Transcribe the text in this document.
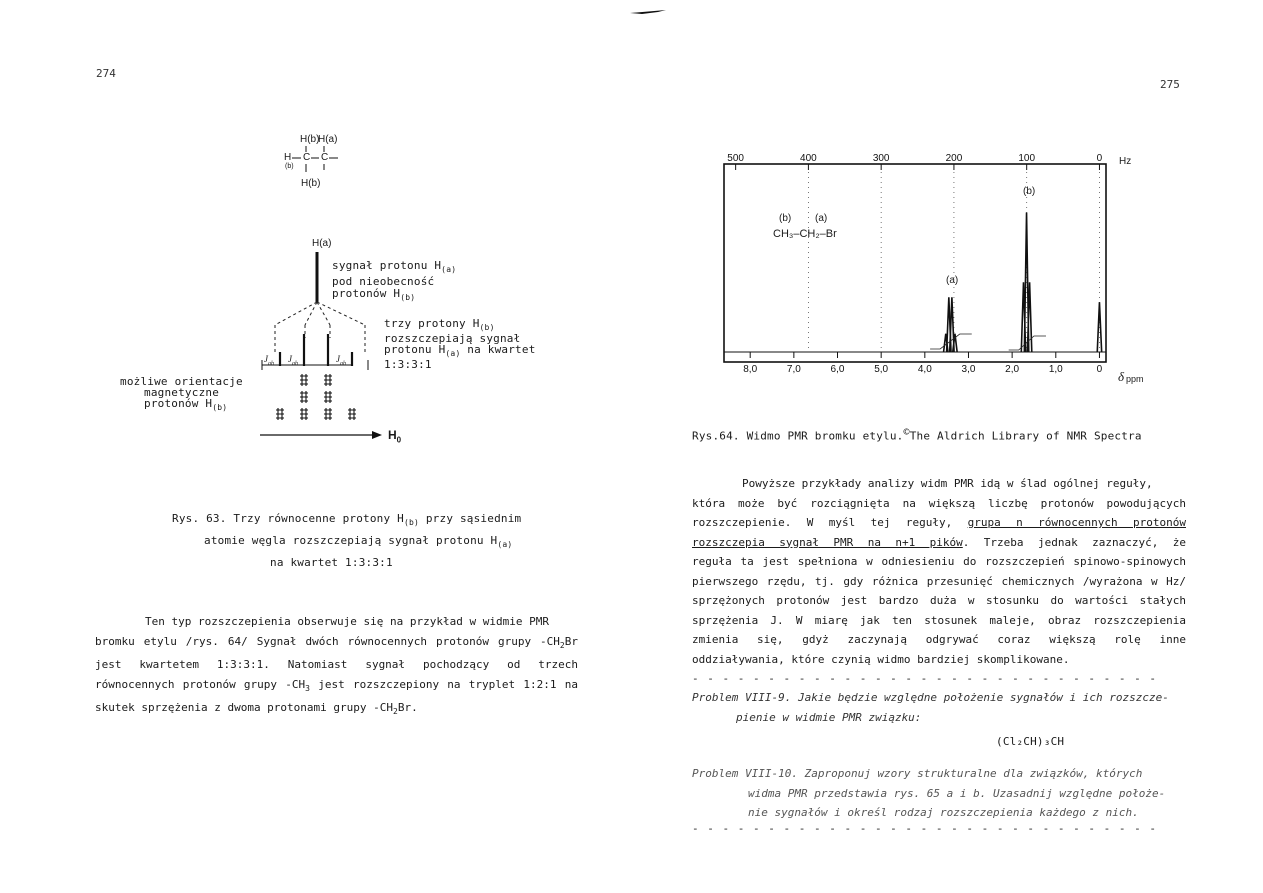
274
H(b)
H(a)
H
(b)
C C
H(b)
H(a)
sygnał protonu $H_{(a)}$
pod nieobecność
protonów $H_{(b)}$
trzy protony $H_{(b)}$
rozszczepiają sygnał
protonu $H_{(a)}$ na kwartet
1:3:3:1
$J_{ab}$ $J_{ab}$	$J_{ab}$
możliwe orientacje
magnetyczne
protonów $H_{(b)}$
$H_0$
Rys. 63. Trzy równocenne protony $H_{(b)}$ przy sąsiednim
atomie węgla rozszczepiają sygnał protonu $H_{(a)}$
na kwartet 1:3:3:1

Ten typ rozszczepienia obserwuje się na przykład w widmie PMR

bromku etylu /rys. 64/ Sygnał dwóch równocennych protonów grupy $-CH_2Br$

jest kwartetem 1:3:3:1. Natomiast sygnał pochodzący od trzech

równocennych protonów grupy $-CH_3$ jest rozszczepiony na tryplet 1:2:1 na

skutek sprzężenia z dwoma protonami grupy $-CH_2Br$.

275
500	400	300	200	100	0
8,0	7,0	6,0	5,0	4,0	3,0	2,0	1,0	0
Hz
δ ppm
(b) (a)
CH₃–CH₂–Br
(a)
(b)
Rys.64. Widmo PMR bromku etylu.©The Aldrich Library of NMR Spectra

Powyższe przykłady analizy widm PMR idą w ślad ogólnej reguły,

która może być rozciągnięta na większą liczbę protonów powodujących

rozszczepienie. W myśl tej reguły, grupa n równocennych protonów

rozszczepia sygnał PMR na n+1 pików. Trzeba jednak zaznaczyć, że

reguła ta jest spełniona w odniesieniu do rozszczepień spinowo-spinowych

pierwszego rzędu, tj. gdy różnica przesunięć chemicznych /wyrażona w Hz/

sprzężonych protonów jest bardzo duża w stosunku do wartości stałych

sprzężenia J. W miarę jak ten stosunek maleje, obraz rozszczepienia

zmienia się, gdyż zaczynają odgrywać coraz większą rolę inne

oddziaływania, które czynią widmo bardziej skomplikowane.

- - - - - - - - - - - - - - - - - - - - - - - - - - - - - - -

Problem VIII-9. Jakie będzie względne położenie sygnałów i ich rozszcze-

pienie w widmie PMR związku:

(Cl₂CH)₃CH

Problem VIII-10. Zaproponuj wzory strukturalne dla związków, których

widma PMR przedstawia rys. 65 a i b. Uzasadnij względne położe-

nie sygnałów i określ rodzaj rozszczepienia każdego z nich.

- - - - - - - - - - - - - - - - - - - - - - - - - - - - - - -
